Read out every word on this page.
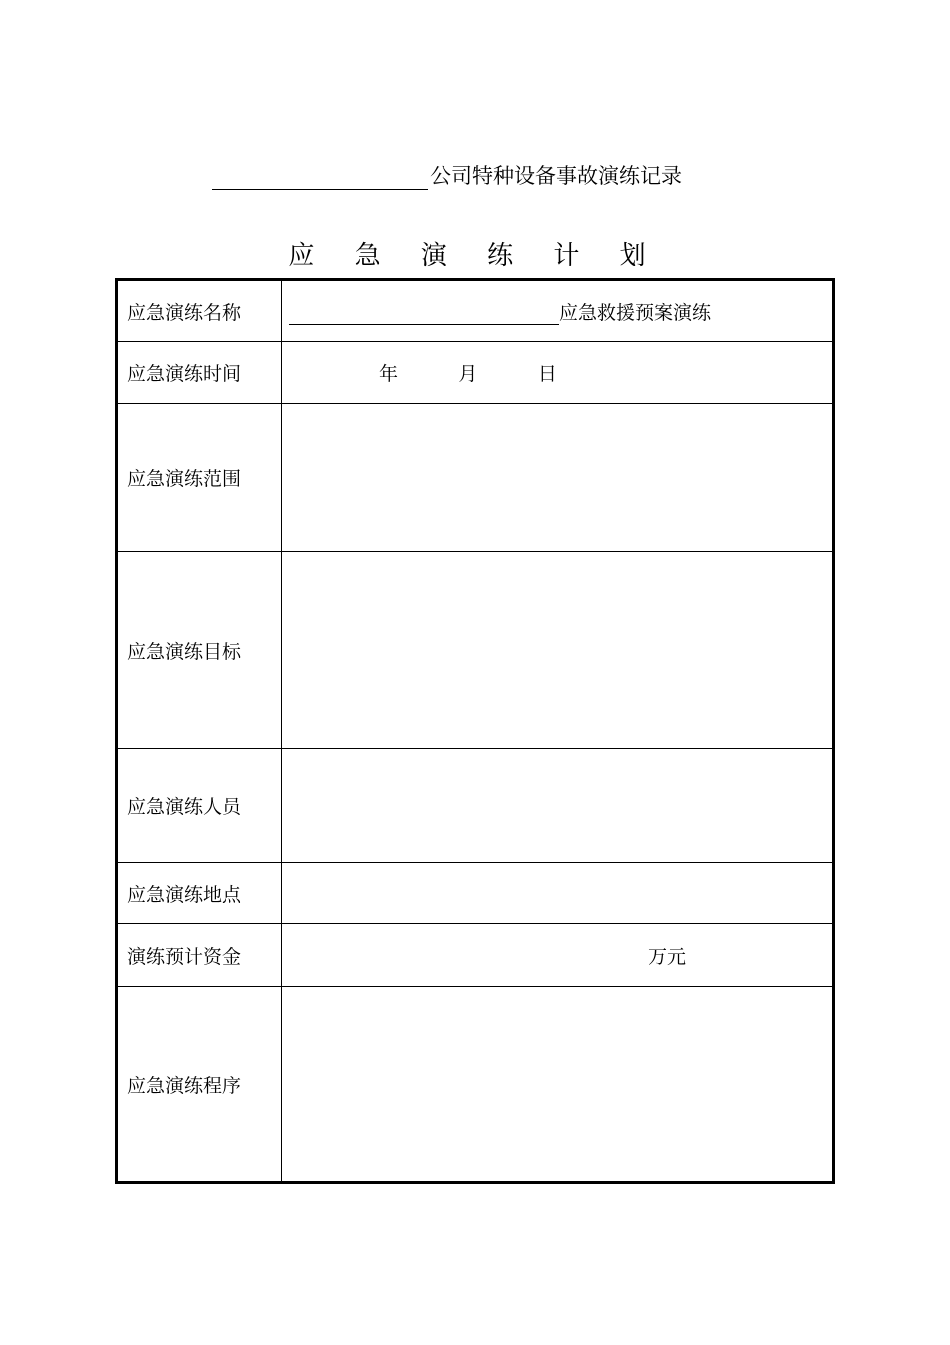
公司特种设备事故演练记录
应 急 演 练 计 划
应急演练名称	应急救援预案演练

应急演练时间	年 月 日

应急演练范围	
应急演练目标	
应急演练人员	
应急演练地点	
演练预计资金	万元

应急演练程序	
